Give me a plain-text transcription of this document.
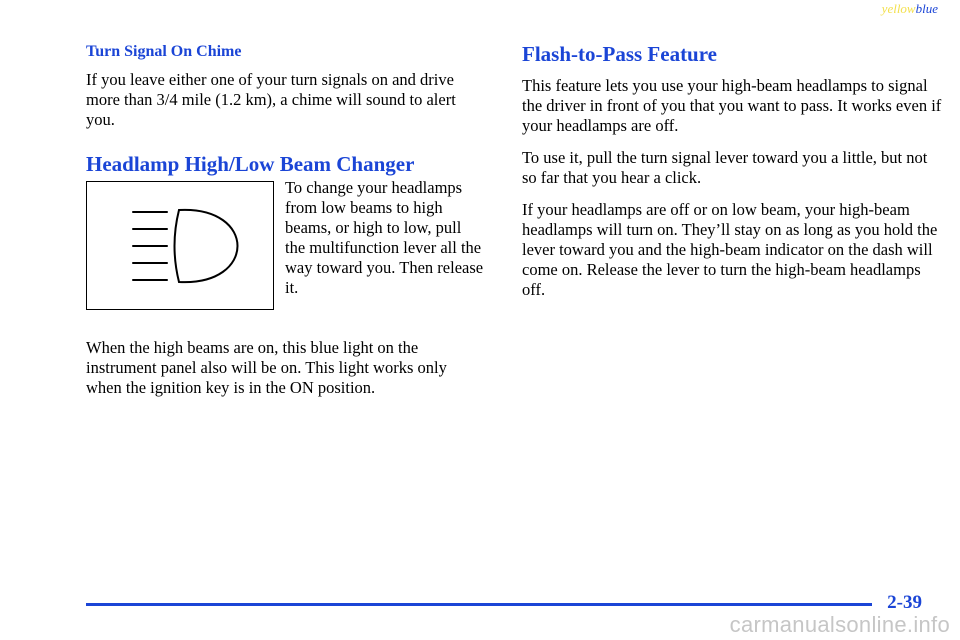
yellowblue
Turn Signal On Chime

If you leave either one of your turn signals on and drive more than 3/4 mile (1.2 km), a chime will sound to alert you.

Headlamp High/Low Beam Changer
To change your headlamps from low beams to high beams, or high to low, pull the multifunction lever all the way toward you. Then release it.

When the high beams are on, this blue light on the instrument panel also will be on. This light works only when the ignition key is in the ON position.

Flash-to-Pass Feature

This feature lets you use your high‑beam headlamps to signal the driver in front of you that you want to pass. It works even if your headlamps are off.

To use it, pull the turn signal lever toward you a little, but not so far that you hear a click.

If your headlamps are off or on low beam, your high‑beam headlamps will turn on. They’ll stay on as long as you hold the lever toward you and the high‑beam indicator on the dash will come on. Release the lever to turn the high‑beam headlamps off.

2-39
carmanualsonline.info
